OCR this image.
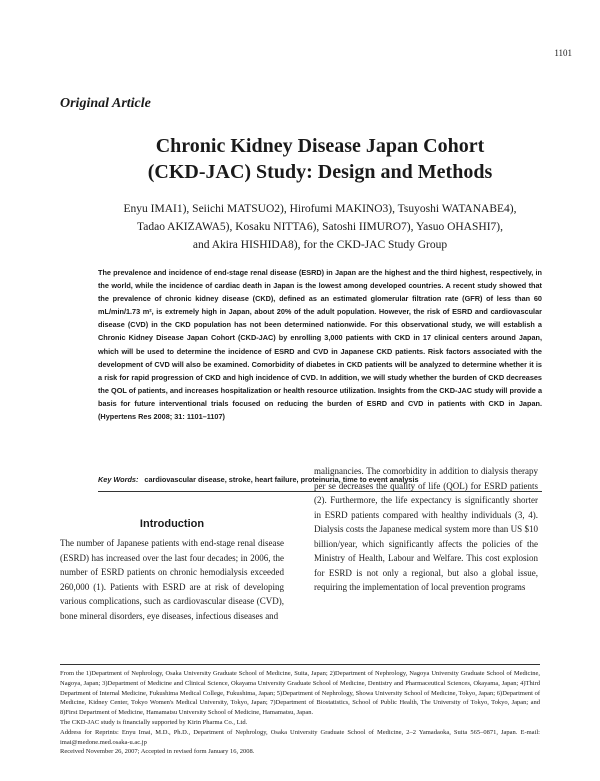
1101
Original Article
Chronic Kidney Disease Japan Cohort
(CKD-JAC) Study: Design and Methods
Enyu IMAI1), Seiichi MATSUO2), Hirofumi MAKINO3), Tsuyoshi WATANABE4),
Tadao AKIZAWA5), Kosaku NITTA6), Satoshi IIMURO7), Yasuo OHASHI7),
and Akira HISHIDA8), for the CKD-JAC Study Group
The prevalence and incidence of end-stage renal disease (ESRD) in Japan are the highest and the third highest, respectively, in the world, while the incidence of cardiac death in Japan is the lowest among developed countries. A recent study showed that the prevalence of chronic kidney disease (CKD), defined as an estimated glomerular filtration rate (GFR) of less than 60 mL/min/1.73 m², is extremely high in Japan, about 20% of the adult population. However, the risk of ESRD and cardiovascular disease (CVD) in the CKD population has not been determined nationwide. For this observational study, we will establish a Chronic Kidney Disease Japan Cohort (CKD-JAC) by enrolling 3,000 patients with CKD in 17 clinical centers around Japan, which will be used to determine the incidence of ESRD and CVD in Japanese CKD patients. Risk factors associated with the development of CVD will also be examined. Comorbidity of diabetes in CKD patients will be analyzed to determine whether it is a risk for rapid progression of CKD and high incidence of CVD. In addition, we will study whether the burden of CKD decreases the QOL of patients, and increases hospitalization or health resource utilization. Insights from the CKD-JAC study will provide a basis for future interventional trials focused on reducing the burden of ESRD and CVD in patients with CKD in Japan. (Hypertens Res 2008; 31: 1101–1107)
Key Words: cardiovascular disease, stroke, heart failure, proteinuria, time to event analysis
Introduction
The number of Japanese patients with end-stage renal disease (ESRD) has increased over the last four decades; in 2006, the number of ESRD patients on chronic hemodialysis exceeded 260,000 (1). Patients with ESRD are at risk of developing various complications, such as cardiovascular disease (CVD), bone mineral disorders, eye diseases, infectious diseases and
malignancies. The comorbidity in addition to dialysis therapy per se decreases the quality of life (QOL) for ESRD patients (2). Furthermore, the life expectancy is significantly shorter in ESRD patients compared with healthy individuals (3, 4). Dialysis costs the Japanese medical system more than US $10 billion/year, which significantly affects the policies of the Ministry of Health, Labour and Welfare. This cost explosion for ESRD is not only a regional, but also a global issue, requiring the implementation of local prevention programs

From the 1)Department of Nephrology, Osaka University Graduate School of Medicine, Suita, Japan; 2)Department of Nephrology, Nagoya University Graduate School of Medicine, Nagoya, Japan; 3)Department of Medicine and Clinical Science, Okayama University Graduate School of Medicine, Dentistry and Pharmaceutical Sciences, Okayama, Japan; 4)Third Department of Internal Medicine, Fukushima Medical College, Fukushima, Japan; 5)Department of Nephrology, Showa University School of Medicine, Tokyo, Japan; 6)Department of Medicine, Kidney Center, Tokyo Women's Medical University, Tokyo, Japan; 7)Department of Biostatistics, School of Public Health, The University of Tokyo, Tokyo, Japan; and 8)First Department of Medicine, Hamamatsu University School of Medicine, Hamamatsu, Japan.

The CKD-JAC study is financially supported by Kirin Pharma Co., Ltd.

Address for Reprints: Enyu Imai, M.D., Ph.D., Department of Nephrology, Osaka University Graduate School of Medicine, 2–2 Yamadaoka, Suita 565–0871, Japan. E-mail: imai@medone.med.osaka-u.ac.jp

Received November 26, 2007; Accepted in revised form January 16, 2008.
